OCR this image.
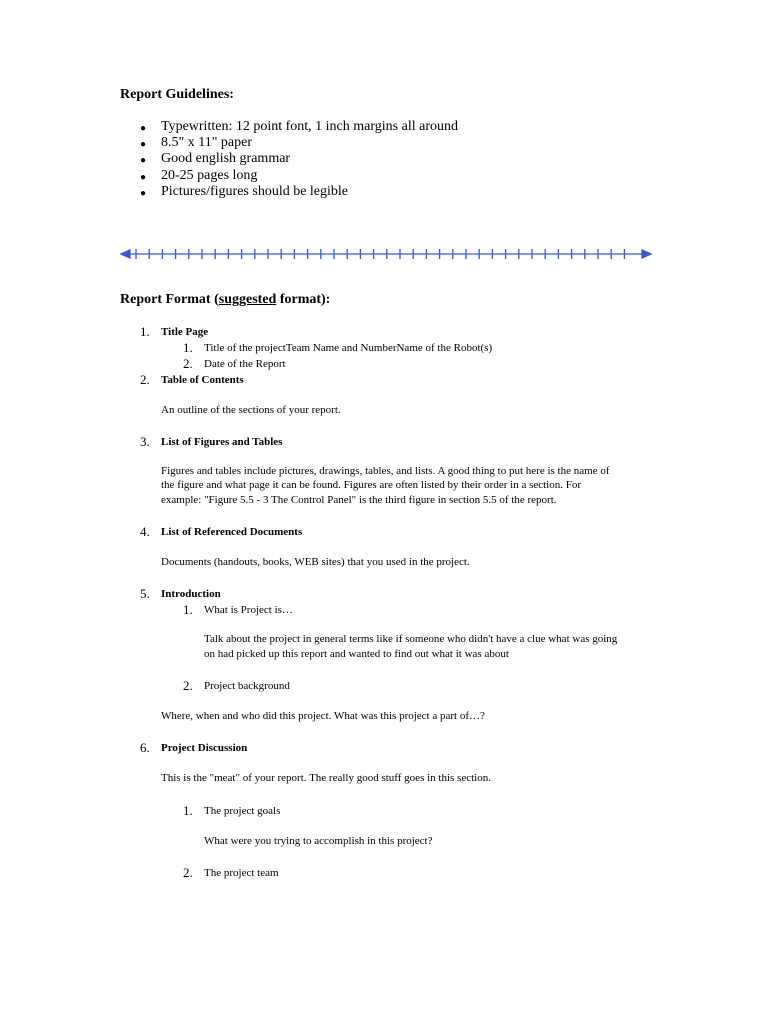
Report Guidelines:
● Typewritten: 12 point font, 1 inch margins all around
● 8.5" x 11" paper
● Good english grammar
● 20-25 pages long
● Pictures/figures should be legible
Report Format (suggested format):
1. Title Page
1. Title of the projectTeam Name and NumberName of the Robot(s)
2. Date of the Report
2. Table of Contents
An outline of the sections of your report.
3. List of Figures and Tables
Figures and tables include pictures, drawings, tables, and lists. A good thing to put here is the name of
the figure and what page it can be found. Figures are often listed by their order in a section. For
example: "Figure 5.5 - 3 The Control Panel" is the third figure in section 5.5 of the report.
4. List of Referenced Documents
Documents (handouts, books, WEB sites) that you used in the project.
5. Introduction
1. What is Project is…
Talk about the project in general terms like if someone who didn't have a clue what was going
on had picked up this report and wanted to find out what it was about
2. Project background
Where, when and who did this project. What was this project a part of…?
6. Project Discussion
This is the "meat" of your report. The really good stuff goes in this section.
1. The project goals
What were you trying to accomplish in this project?
2. The project team
